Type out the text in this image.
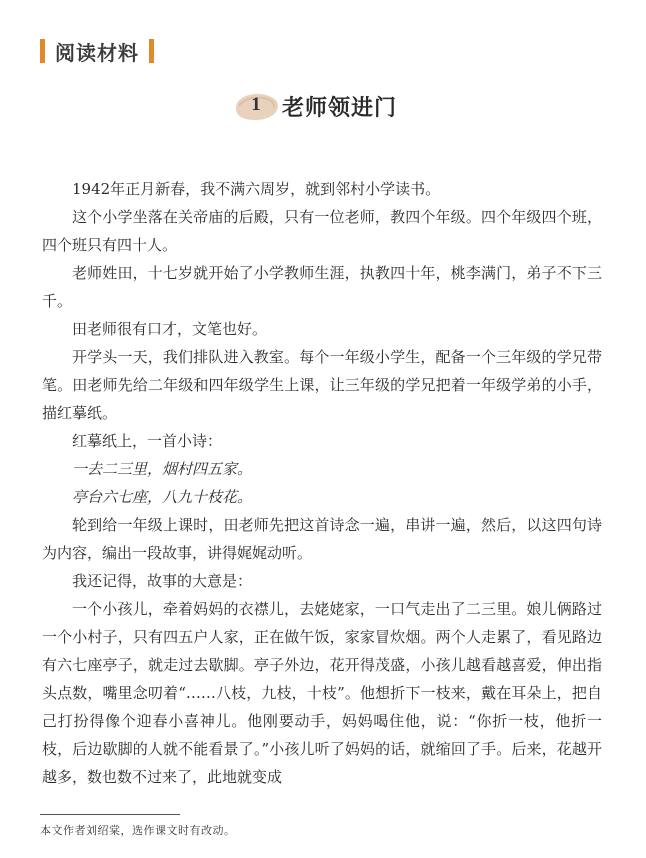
阅读材料
1 老师领进门

1942年正月新春，我不满六周岁，就到邻村小学读书。

这个小学坐落在关帝庙的后殿，只有一位老师，教四个年级。四个年级四个班，四个班只有四十人。

老师姓田，十七岁就开始了小学教师生涯，执教四十年，桃李满门，弟子不下三千。

田老师很有口才，文笔也好。

开学头一天，我们排队进入教室。每个一年级小学生，配备一个三年级的学兄带笔。田老师先给二年级和四年级学生上课，让三年级的学兄把着一年级学弟的小手，描红摹纸。

红摹纸上，一首小诗：

一去二三里，烟村四五家。

亭台六七座，八九十枝花。

轮到给一年级上课时，田老师先把这首诗念一遍，串讲一遍，然后，以这四句诗为内容，编出一段故事，讲得娓娓动听。

我还记得，故事的大意是：

一个小孩儿，牵着妈妈的衣襟儿，去姥姥家，一口气走出了二三里。娘儿俩路过一个小村子，只有四五户人家，正在做午饭，家家冒炊烟。两个人走累了，看见路边有六七座亭子，就走过去歇脚。亭子外边，花开得茂盛，小孩儿越看越喜爱，伸出指头点数，嘴里念叨着“……八枝，九枝，十枝”。他想折下一枝来，戴在耳朵上，把自己打扮得像个迎春小喜神儿。他刚要动手，妈妈喝住他，说：“你折一枝，他折一枝，后边歇脚的人就不能看景了。”小孩儿听了妈妈的话，就缩回了手。后来，花越开越多，数也数不过来了，此地就变成

本文作者刘绍棠，选作课文时有改动。
